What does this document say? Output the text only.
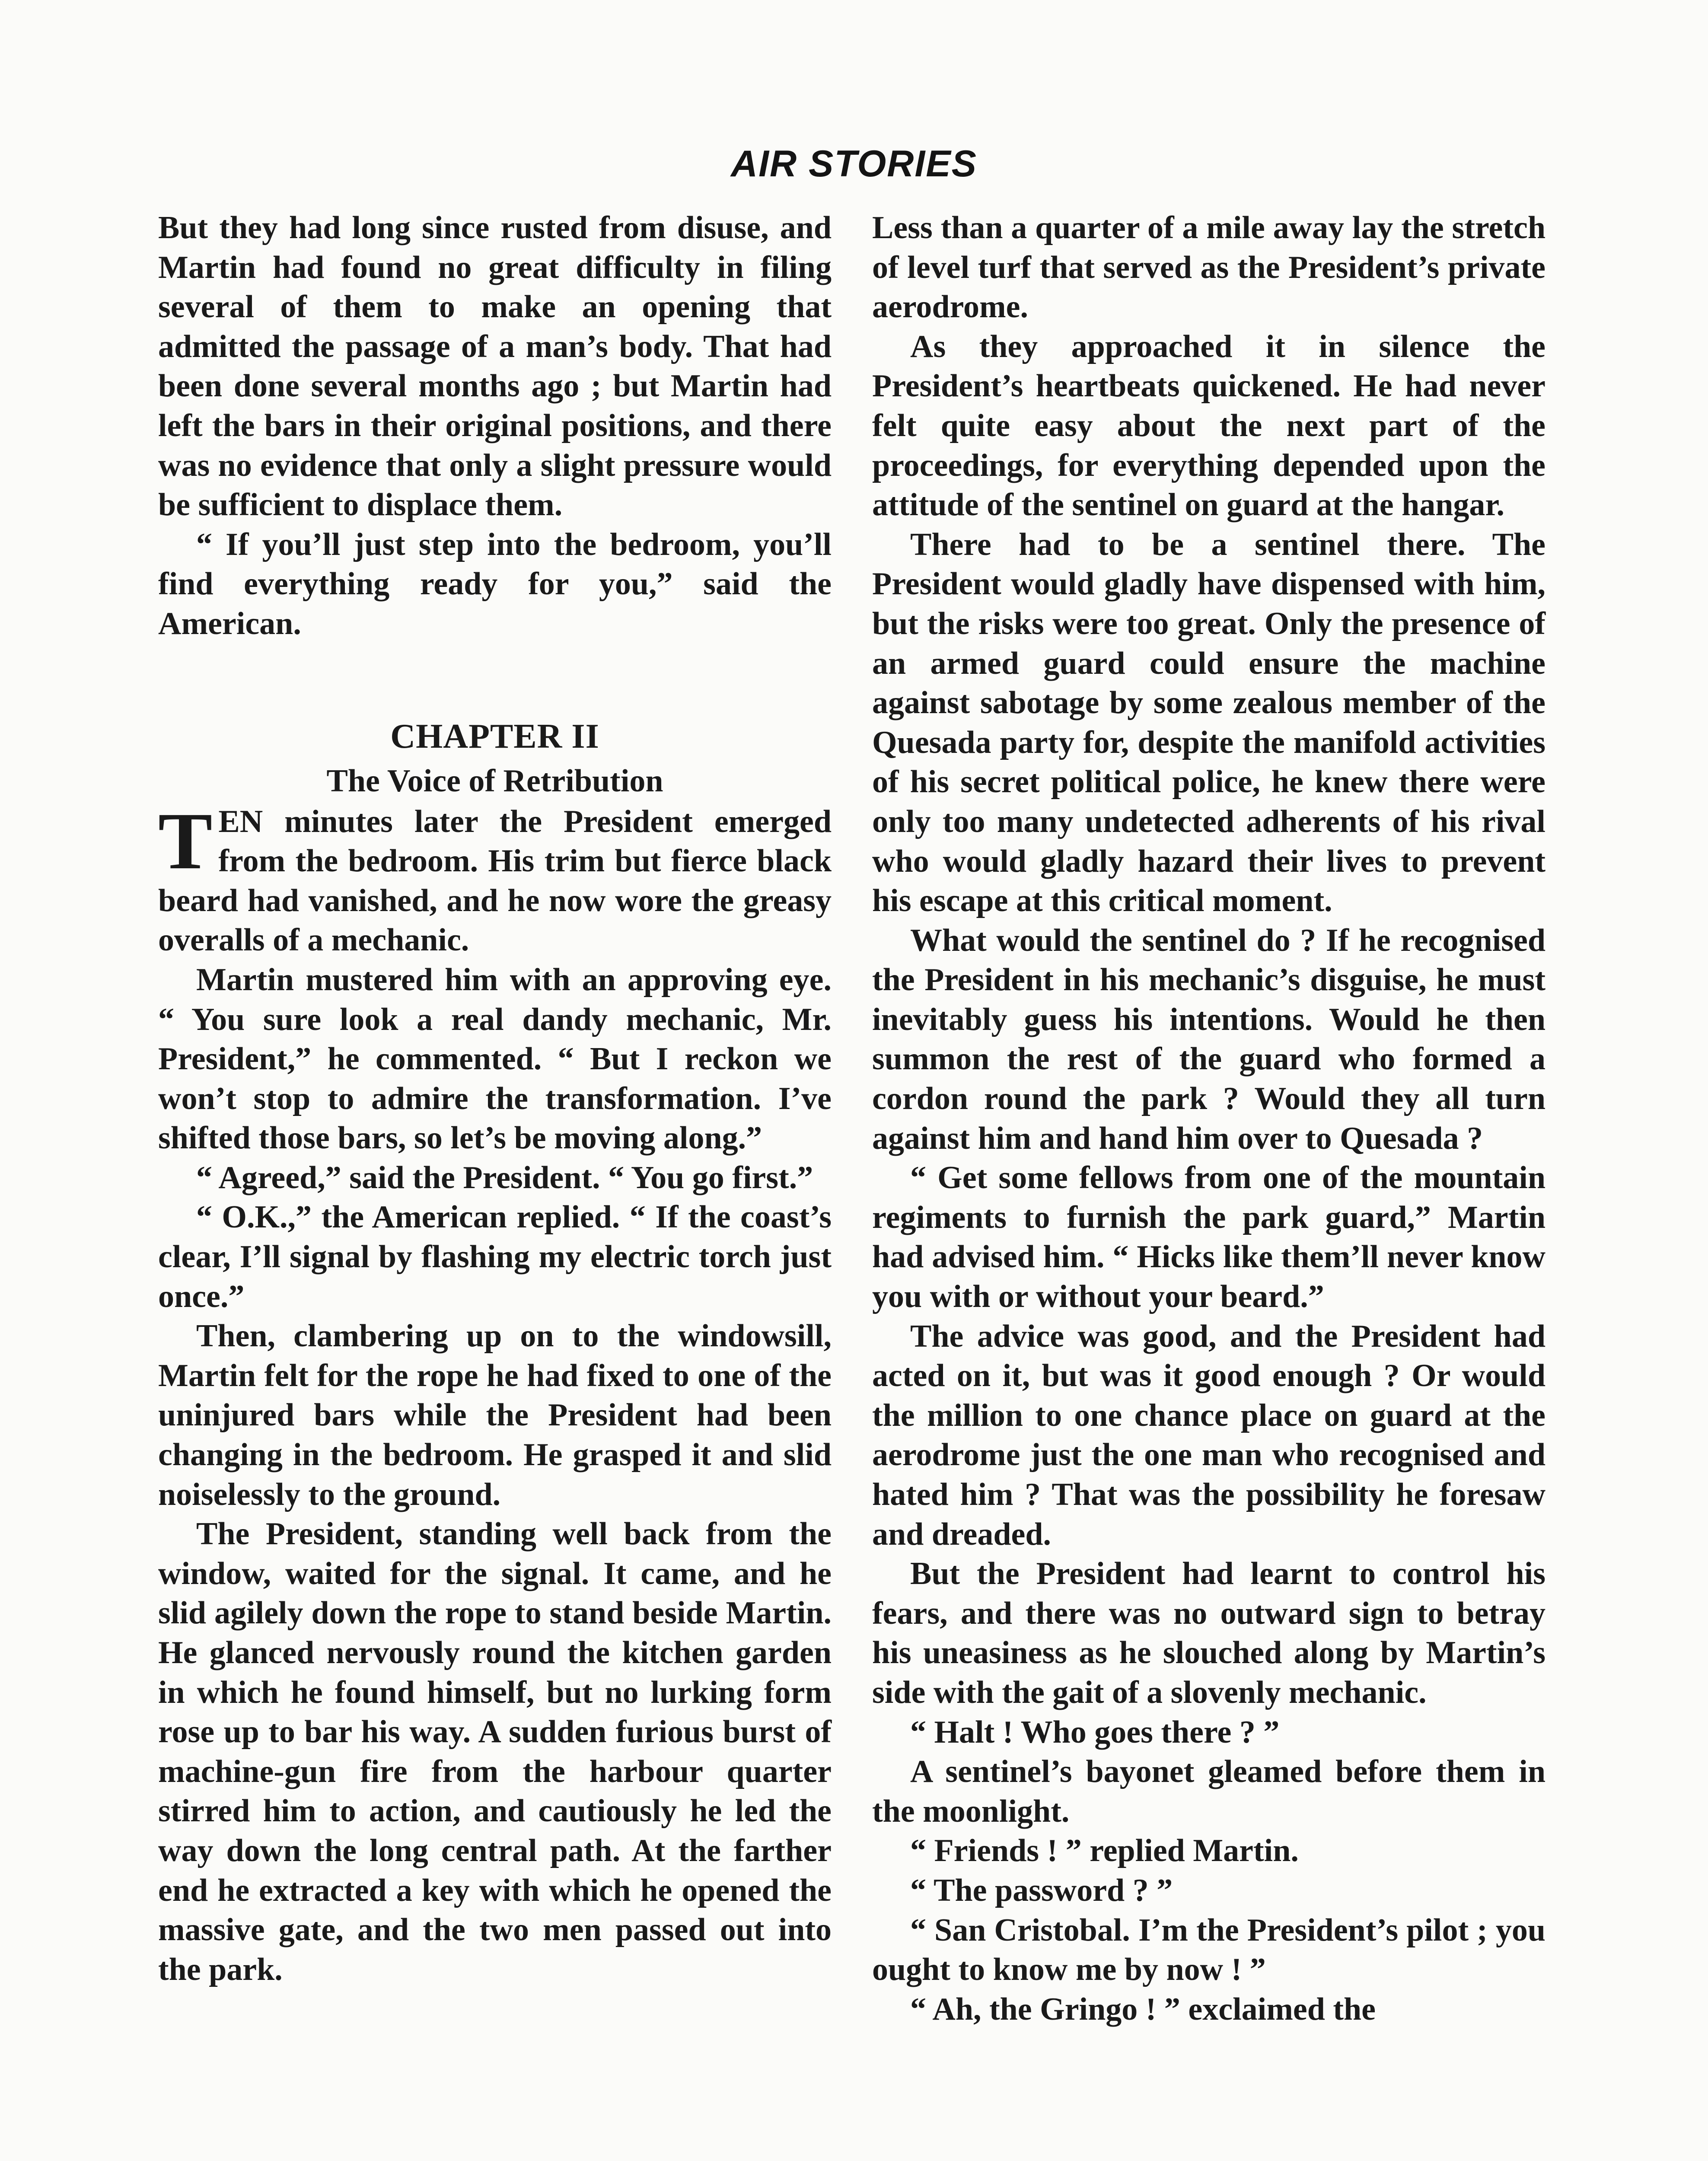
AIR STORIES

But they had long since rusted from disuse, and Martin had found no great difficulty in filing several of them to make an opening that admitted the passage of a man’s body. That had been done several months ago ; but Martin had left the bars in their original positions, and there was no evidence that only a slight pressure would be sufficient to displace them.

“ If you’ll just step into the bedroom, you’ll find everything ready for you,” said the American.

CHAPTER II
The Voice of Retribution

TEN minutes later the President emerged from the bedroom. His trim but fierce black beard had vanished, and he now wore the greasy overalls of a mechanic.

Martin mustered him with an approving eye. “ You sure look a real dandy mechanic, Mr. President,” he commented. “ But I reckon we won’t stop to admire the transformation. I’ve shifted those bars, so let’s be moving along.”

“ Agreed,” said the President. “ You go first.”

“ O.K.,” the American replied. “ If the coast’s clear, I’ll signal by flashing my electric torch just once.”

Then, clambering up on to the windowsill, Martin felt for the rope he had fixed to one of the uninjured bars while the President had been changing in the bedroom. He grasped it and slid noiselessly to the ground.

The President, standing well back from the window, waited for the signal. It came, and he slid agilely down the rope to stand beside Martin. He glanced nervously round the kitchen garden in which he found himself, but no lurking form rose up to bar his way. A sudden furious burst of machine-gun fire from the harbour quarter stirred him to action, and cautiously he led the way down the long central path. At the farther end he extracted a key with which he opened the massive gate, and the two men passed out into the park.

Less than a quarter of a mile away lay the stretch of level turf that served as the President’s private aerodrome.

As they approached it in silence the President’s heartbeats quickened. He had never felt quite easy about the next part of the proceedings, for everything depended upon the attitude of the sentinel on guard at the hangar.

There had to be a sentinel there. The President would gladly have dispensed with him, but the risks were too great. Only the presence of an armed guard could ensure the machine against sabotage by some zealous member of the Quesada party for, despite the manifold activities of his secret political police, he knew there were only too many undetected adherents of his rival who would gladly hazard their lives to prevent his escape at this critical moment.

What would the sentinel do ? If he recognised the President in his mechanic’s disguise, he must inevitably guess his intentions. Would he then summon the rest of the guard who formed a cordon round the park ? Would they all turn against him and hand him over to Quesada ?

“ Get some fellows from one of the mountain regiments to furnish the park guard,” Martin had advised him. “ Hicks like them’ll never know you with or without your beard.”

The advice was good, and the President had acted on it, but was it good enough ? Or would the million to one chance place on guard at the aerodrome just the one man who recognised and hated him ? That was the possibility he foresaw and dreaded.

But the President had learnt to control his fears, and there was no outward sign to betray his uneasiness as he slouched along by Martin’s side with the gait of a slovenly mechanic.

“ Halt ! Who goes there ? ”

A sentinel’s bayonet gleamed before them in the moonlight.

“ Friends ! ” replied Martin.

“ The password ? ”

“ San Cristobal. I’m the President’s pilot ; you ought to know me by now ! ”

“ Ah, the Gringo ! ” exclaimed the
